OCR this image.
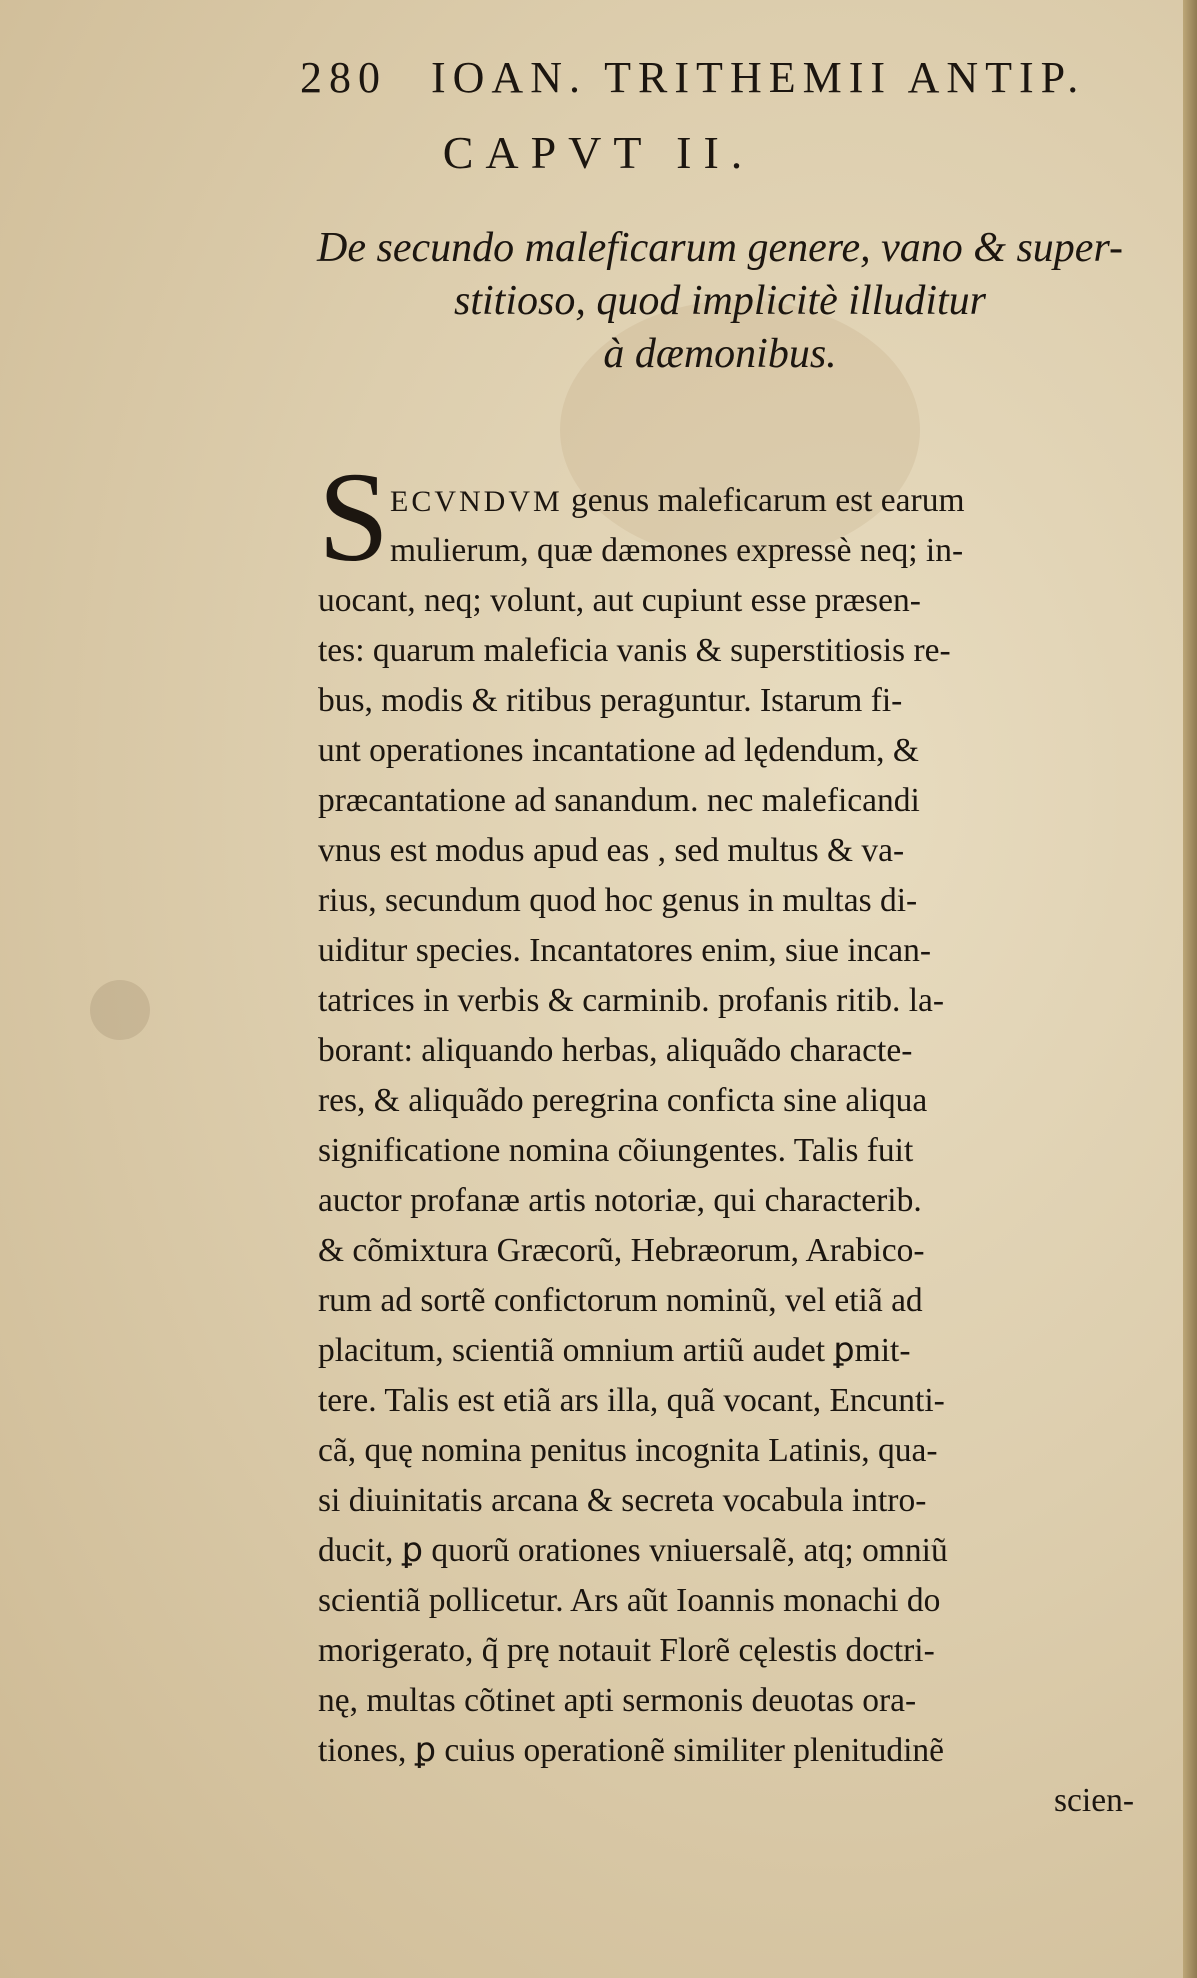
280 IOAN. TRITHEMII ANTIP.
CAPVT II.
De secundo maleficarum genere, vano & super-
stitioso, quod implicitè illuditur
à dæmonibus.
S ECVNDVM genus maleficarum est earum
mulierum, quæ dæmones expressè neq; in-
uocant, neq; volunt, aut cupiunt esse præsen-
tes: quarum maleficia vanis & superstitiosis re-
bus, modis & ritibus peraguntur. Istarum fi-
unt operationes incantatione ad lędendum, &
præcantatione ad sanandum. nec maleficandi
vnus est modus apud eas , sed multus & va-
rius, secundum quod hoc genus in multas di-
uiditur species. Incantatores enim, siue incan-
tatrices in verbis & carminib. profanis ritib. la-
borant: aliquando herbas, aliquãdo characte-
res, & aliquãdo peregrina conficta sine aliqua
significatione nomina cõiungentes. Talis fuit
auctor profanæ artis notoriæ, qui characterib.
& cõmixtura Græcorũ, Hebræorum, Arabico-
rum ad sortẽ confictorum nominũ, vel etiã ad
placitum, scientiã omnium artiũ audet ꝑmit-
tere. Talis est etiã ars illa, quã vocant, Encunti-
cã, quę nomina penitus incognita Latinis, qua-
si diuinitatis arcana & secreta vocabula intro-
ducit, ꝑ quorũ orationes vniuersalẽ, atq; omniũ
scientiã pollicetur. Ars aũt Ioannis monachi do
morigerato, q̃ prę notauit Florẽ cęlestis doctri-
nę, multas cõtinet apti sermonis deuotas ora-
tiones, ꝑ cuius operationẽ similiter plenitudinẽ
scien-
